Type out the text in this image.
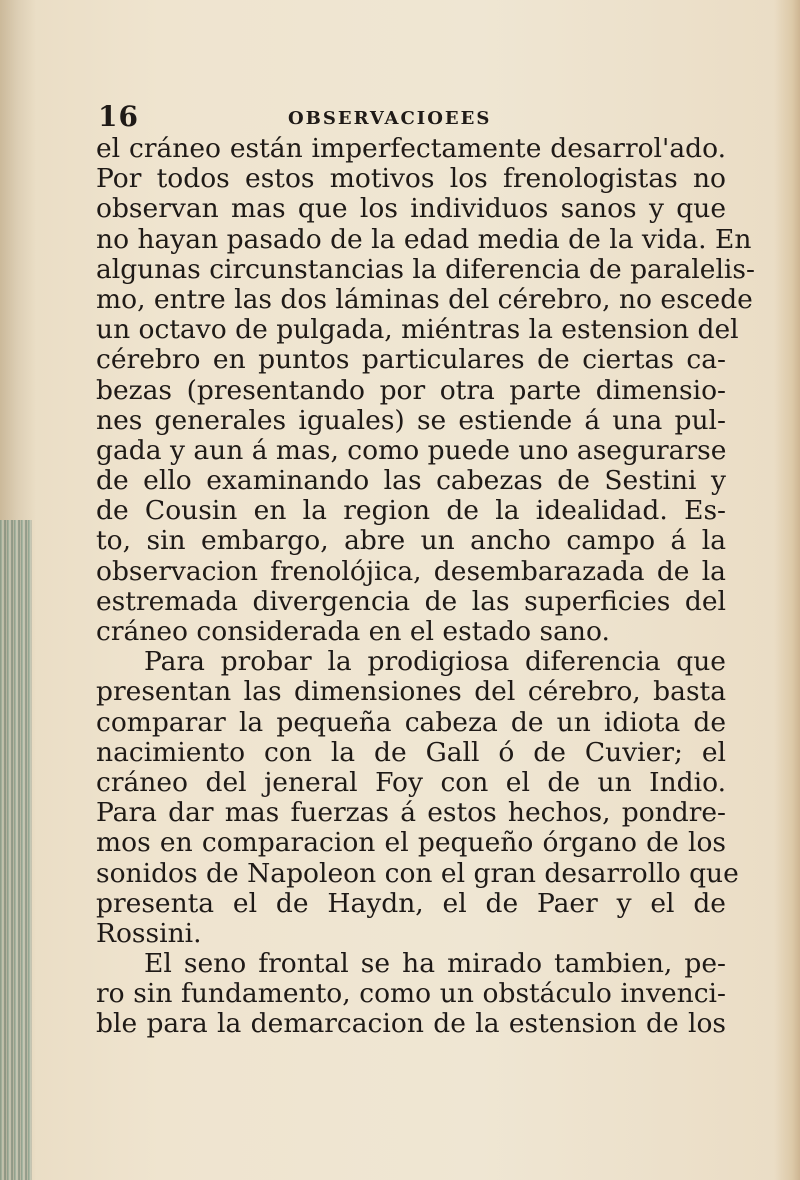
16	OBSERVACIOEES
el cráneo están imperfectamente desarrol'ado.
Por todos estos motivos los frenologistas no
observan mas que los individuos sanos y que
no hayan pasado de la edad media de la vida. En
algunas circunstancias la diferencia de paralelis-
mo, entre las dos láminas del cérebro, no escede
un octavo de pulgada, miéntras la estension del
cérebro en puntos particulares de ciertas ca-
bezas (presentando por otra parte dimensio-
nes generales iguales) se estiende á una pul-
gada y aun á mas, como puede uno asegurarse
de ello examinando las cabezas de Sestini y
de Cousin en la region de la idealidad. Es-
to, sin embargo, abre un ancho campo á la
observacion frenolójica, desembarazada de la
estremada divergencia de las superficies del
cráneo considerada en el estado sano.
Para probar la prodigiosa diferencia que
presentan las dimensiones del cérebro, basta
comparar la pequeña cabeza de un idiota de
nacimiento con la de Gall ó de Cuvier; el
cráneo del jeneral Foy con el de un Indio.
Para dar mas fuerzas á estos hechos, pondre-
mos en comparacion el pequeño órgano de los
sonidos de Napoleon con el gran desarrollo que
presenta el de Haydn, el de Paer y el de
Rossini.
El seno frontal se ha mirado tambien, pe-
ro sin fundamento, como un obstáculo invenci-
ble para la demarcacion de la estension de los
